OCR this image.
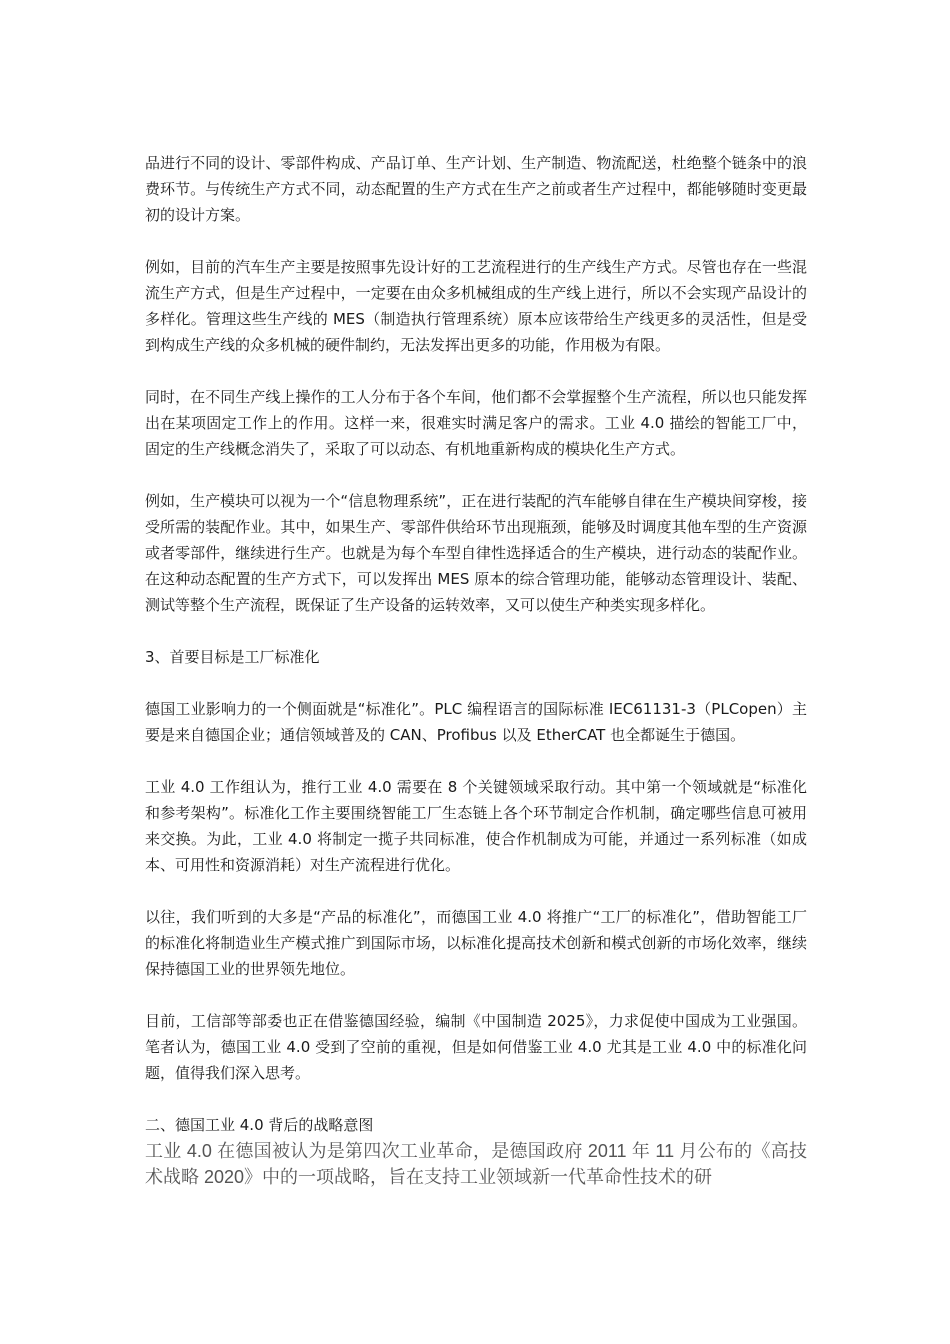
品进行不同的设计、零部件构成、产品订单、生产计划、生产制造、物流配送，杜绝整个链条中的浪费环节。与传统生产方式不同，动态配置的生产方式在生产之前或者生产过程中，都能够随时变更最初的设计方案。

例如，目前的汽车生产主要是按照事先设计好的工艺流程进行的生产线生产方式。尽管也存在一些混流生产方式，但是生产过程中，一定要在由众多机械组成的生产线上进行，所以不会实现产品设计的多样化。管理这些生产线的 MES（制造执行管理系统）原本应该带给生产线更多的灵活性，但是受到构成生产线的众多机械的硬件制约，无法发挥出更多的功能，作用极为有限。

同时，在不同生产线上操作的工人分布于各个车间，他们都不会掌握整个生产流程，所以也只能发挥出在某项固定工作上的作用。这样一来，很难实时满足客户的需求。工业 4.0 描绘的智能工厂中，固定的生产线概念消失了，采取了可以动态、有机地重新构成的模块化生产方式。

例如，生产模块可以视为一个“信息物理系统”，正在进行装配的汽车能够自律在生产模块间穿梭，接受所需的装配作业。其中，如果生产、零部件供给环节出现瓶颈，能够及时调度其他车型的生产资源或者零部件，继续进行生产。也就是为每个车型自律性选择适合的生产模块，进行动态的装配作业。在这种动态配置的生产方式下，可以发挥出 MES 原本的综合管理功能，能够动态管理设计、装配、测试等整个生产流程，既保证了生产设备的运转效率，又可以使生产种类实现多样化。

3、首要目标是工厂标准化

德国工业影响力的一个侧面就是“标准化”。PLC 编程语言的国际标准 IEC61131-3（PLCopen）主要是来自德国企业；通信领域普及的 CAN、Profibus 以及 EtherCAT 也全都诞生于德国。

工业 4.0 工作组认为，推行工业 4.0 需要在 8 个关键领域采取行动。其中第一个领域就是“标准化和参考架构”。标准化工作主要围绕智能工厂生态链上各个环节制定合作机制，确定哪些信息可被用来交换。为此，工业 4.0 将制定一揽子共同标准，使合作机制成为可能，并通过一系列标准（如成本、可用性和资源消耗）对生产流程进行优化。

以往，我们听到的大多是“产品的标准化”，而德国工业 4.0 将推广“工厂的标准化”，借助智能工厂的标准化将制造业生产模式推广到国际市场，以标准化提高技术创新和模式创新的市场化效率，继续保持德国工业的世界领先地位。

目前，工信部等部委也正在借鉴德国经验，编制《中国制造 2025》，力求促使中国成为工业强国。笔者认为，德国工业 4.0 受到了空前的重视，但是如何借鉴工业 4.0 尤其是工业 4.0 中的标准化问题，值得我们深入思考。

二、德国工业 4.0 背后的战略意图

工业 4.0 在德国被认为是第四次工业革命，是德国政府 2011 年 11 月公布的《高技术战略 2020》中的一项战略，旨在支持工业领域新一代革命性技术的研
